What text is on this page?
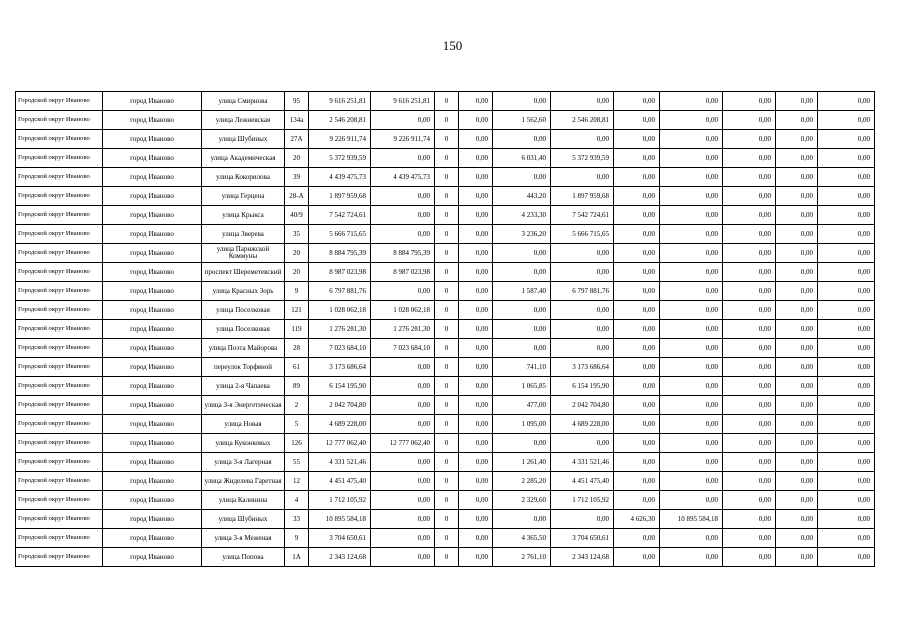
150
Городской округ Иваново	город Иваново	улица Смирнова	95	9 616 251,81	9 616 251,81	0	0,00	0,00	0,00	0,00	0,00	0,00	0,00	0,00
Городской округ Иваново	город Иваново	улица Лежневская	134а	2 546 208,81	0,00	0	0,00	1 562,60	2 546 208,81	0,00	0,00	0,00	0,00	0,00
Городской округ Иваново	город Иваново	улица Шубиных	27А	9 226 911,74	9 226 911,74	0	0,00	0,00	0,00	0,00	0,00	0,00	0,00	0,00
Городской округ Иваново	город Иваново	улица Академическая	20	5 372 939,59	0,00	0	0,00	6 031,40	5 372 939,59	0,00	0,00	0,00	0,00	0,00
Городской округ Иваново	город Иваново	улица Кокорилова	39	4 439 475,73	4 439 475,73	0	0,00	0,00	0,00	0,00	0,00	0,00	0,00	0,00
Городской округ Иваново	город Иваново	улица Герцена	28-А	1 897 959,68	0,00	0	0,00	443,20	1 897 959,68	0,00	0,00	0,00	0,00	0,00
Городской округ Иваново	город Иваново	улица Крыкса	40/9	7 542 724,61	0,00	0	0,00	4 233,30	7 542 724,61	0,00	0,00	0,00	0,00	0,00
Городской округ Иваново	город Иваново	улица Зверева	35	5 666 715,65	0,00	0	0,00	3 236,20	5 666 715,65	0,00	0,00	0,00	0,00	0,00
Городской округ Иваново	город Иваново	улица Парижской Коммуны	20	8 884 795,39	8 884 795,39	0	0,00	0,00	0,00	0,00	0,00	0,00	0,00	0,00
Городской округ Иваново	город Иваново	проспект Шереметевский	20	8 987 023,98	8 987 023,98	0	0,00	0,00	0,00	0,00	0,00	0,00	0,00	0,00
Городской округ Иваново	город Иваново	улица Красных Зорь	9	6 797 881,76	0,00	0	0,00	1 587,40	6 797 881,76	0,00	0,00	0,00	0,00	0,00
Городской округ Иваново	город Иваново	улица Поселковая	121	1 028 062,18	1 028 062,18	0	0,00	0,00	0,00	0,00	0,00	0,00	0,00	0,00
Городской округ Иваново	город Иваново	улица Поселковая	119	1 276 281,30	1 276 281,30	0	0,00	0,00	0,00	0,00	0,00	0,00	0,00	0,00
Городской округ Иваново	город Иваново	улица Поэта Майорова	28	7 023 684,10	7 023 684,10	0	0,00	0,00	0,00	0,00	0,00	0,00	0,00	0,00
Городской округ Иваново	город Иваново	переулок Торфяной	61	3 173 686,64	0,00	0	0,00	741,10	3 173 686,64	0,00	0,00	0,00	0,00	0,00
Городской округ Иваново	город Иваново	улица 2-я Чапаева	89	6 154 195,90	0,00	0	0,00	1 065,85	6 154 195,90	0,00	0,00	0,00	0,00	0,00
Городской округ Иваново	город Иваново	улица 3-я Энергетическая	2	2 042 704,80	0,00	0	0,00	477,00	2 042 704,80	0,00	0,00	0,00	0,00	0,00
Городской округ Иваново	город Иваново	улица Новая	5	4 689 228,00	0,00	0	0,00	1 095,00	4 689 228,00	0,00	0,00	0,00	0,00	0,00
Городской округ Иваново	город Иваново	улица Куконковых	126	12 777 062,40	12 777 062,40	0	0,00	0,00	0,00	0,00	0,00	0,00	0,00	0,00
Городской округ Иваново	город Иваново	улица 3-я Лагерная	55	4 331 521,46	0,00	0	0,00	1 261,40	4 331 521,46	0,00	0,00	0,00	0,00	0,00
Городской округ Иваново	город Иваново	улица Жиделева Гаретная	12	4 451 475,40	0,00	0	0,00	2 285,20	4 451 475,40	0,00	0,00	0,00	0,00	0,00
Городской округ Иваново	город Иваново	улица Калинина	4	1 712 105,92	0,00	0	0,00	2 329,60	1 712 105,92	0,00	0,00	0,00	0,00	0,00
Городской округ Иваново	город Иваново	улица Шубиных	33	10 895 584,18	0,00	0	0,00	0,00	0,00	4 626,30	10 895 584,18	0,00	0,00	0,00
Городской округ Иваново	город Иваново	улица 3-я Меженая	9	3 704 650,61	0,00	0	0,00	4 365,50	3 704 650,61	0,00	0,00	0,00	0,00	0,00
Городской округ Иваново	город Иваново	улица Попова	1А	2 343 124,68	0,00	0	0,00	2 761,10	2 343 124,68	0,00	0,00	0,00	0,00	0,00
